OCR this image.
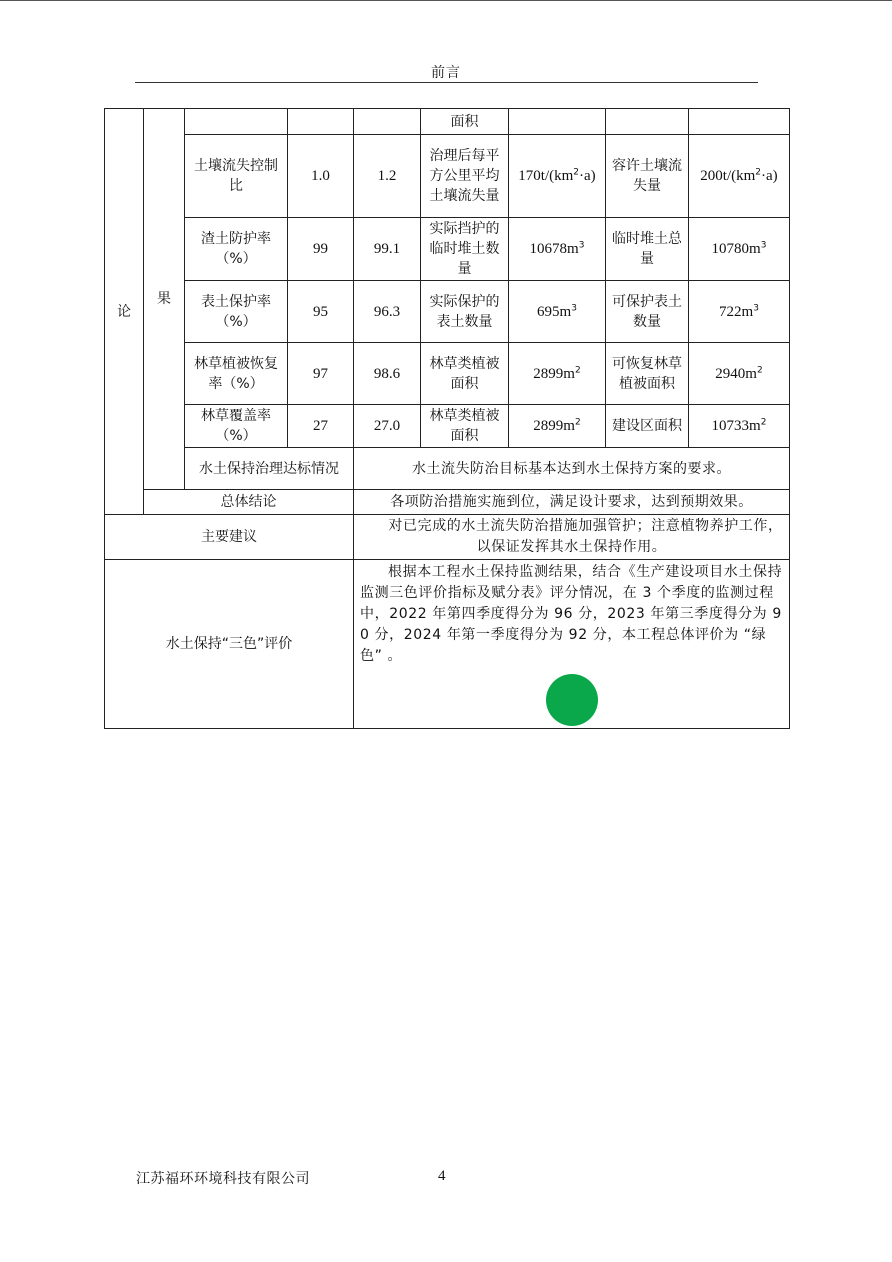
前言
论	果				面积			
		土壤流失控制比	1.0	1.2	治理后每平方公里平均土壤流失量	$170t/(km^2\cdot a)$	容许土壤流失量	$200t/(km^2\cdot a)$
		渣土防护率（%）	99	99.1	实际挡护的临时堆土数量	$10678m^3$	临时堆土总量	$10780m^3$
		表土保护率（%）	95	96.3	实际保护的表土数量	$695m^3$	可保护表土数量	$722m^3$
		林草植被恢复率（%）	97	98.6	林草类植被面积	$2899m^2$	可恢复林草植被面积	$2940m^2$
		林草覆盖率（%）	27	27.0	林草类植被面积	$2899m^2$	建设区面积	$10733m^2$
		水土保持治理达标情况		水土流失防治目标基本达到水土保持方案的要求。				
	总体结论			各项防治措施实施到位，满足设计要求，达到预期效果。				
主要建议				对已完成的水土流失防治措施加强管护；注意植物养护工作，以保证发挥其水土保持作用。				
水土保持“三色”评价				根据本工程水土保持监测结果，结合《生产建设项目水土保持监测三色评价指标及赋分表》评分情况，在 3 个季度的监测过程中，2022 年第四季度得分为 96 分，2023 年第三季度得分为 90 分，2024 年第一季度得分为 92 分，本工程总体评价为 “绿色” 。				
江苏福环环境科技有限公司	4
